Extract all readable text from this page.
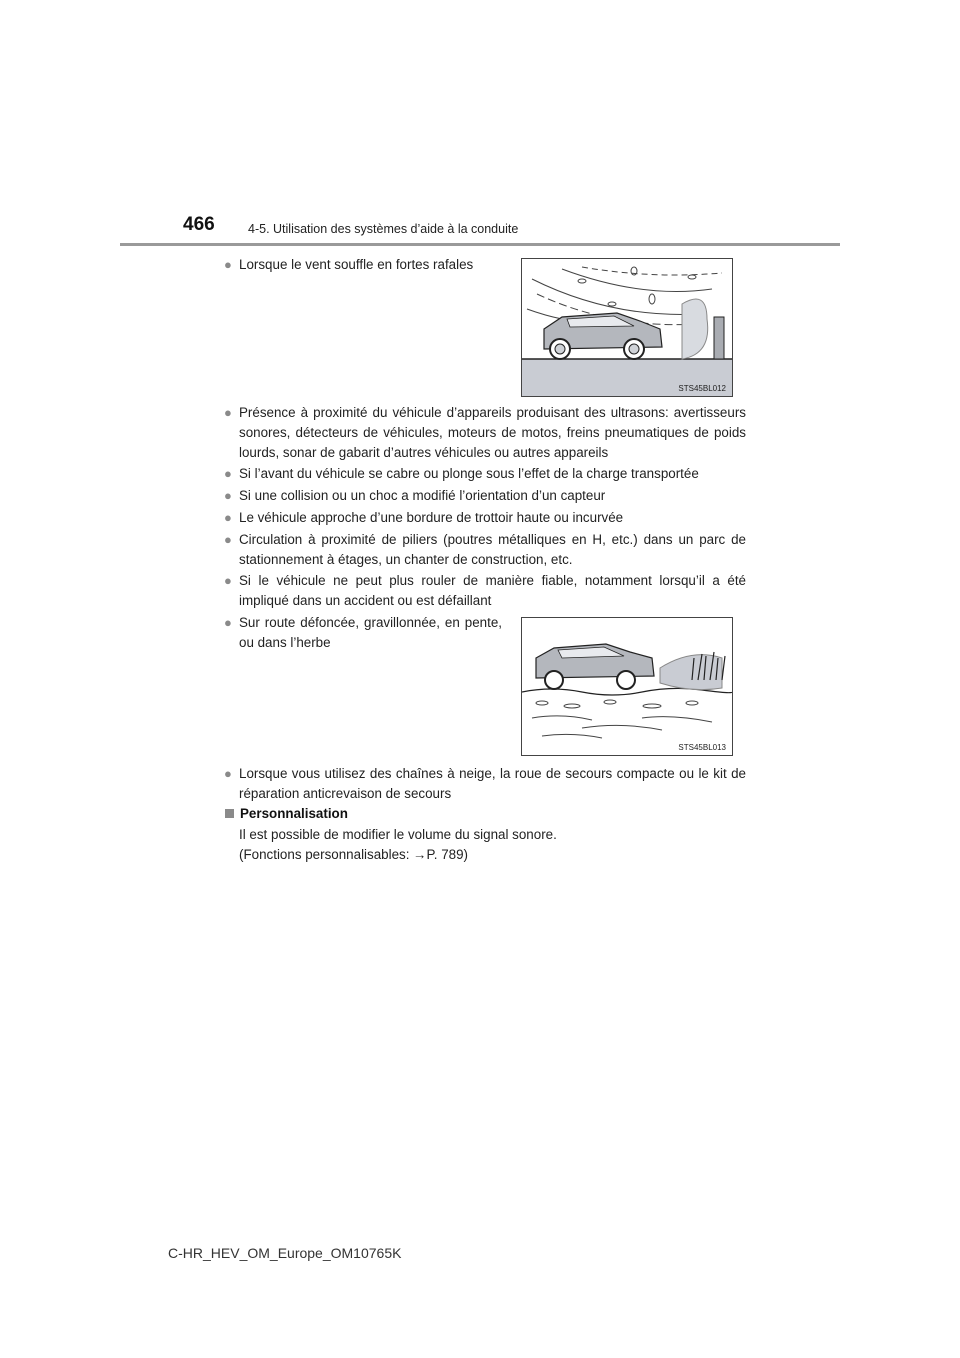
466	4-5. Utilisation des systèmes d’aide à la conduite
● Lorsque le vent souffle en fortes rafales
STS45BL012
● Présence à proximité du véhicule d’appareils produisant des ultrasons: avertisseurs sonores, détecteurs de véhicules, moteurs de motos, freins pneumatiques de poids lourds, sonar de gabarit d’autres véhicules ou autres appareils
● Si l’avant du véhicule se cabre ou plonge sous l’effet de la charge transportée
● Si une collision ou un choc a modifié l’orientation d’un capteur
● Le véhicule approche d’une bordure de trottoir haute ou incurvée
● Circulation à proximité de piliers (poutres métalliques en H, etc.) dans un parc de stationnement à étages, un chanter de construction, etc.
● Si le véhicule ne peut plus rouler de manière fiable, notamment lorsqu’il a été impliqué dans un accident ou est défaillant
● Sur route défoncée, gravillonnée, en pente, ou dans l’herbe
STS45BL013
● Lorsque vous utilisez des chaînes à neige, la roue de secours compacte ou le kit de réparation anticrevaison de secours
Personnalisation
Il est possible de modifier le volume du signal sonore.
(Fonctions personnalisables: →P. 789)
C-HR_HEV_OM_Europe_OM10765K
